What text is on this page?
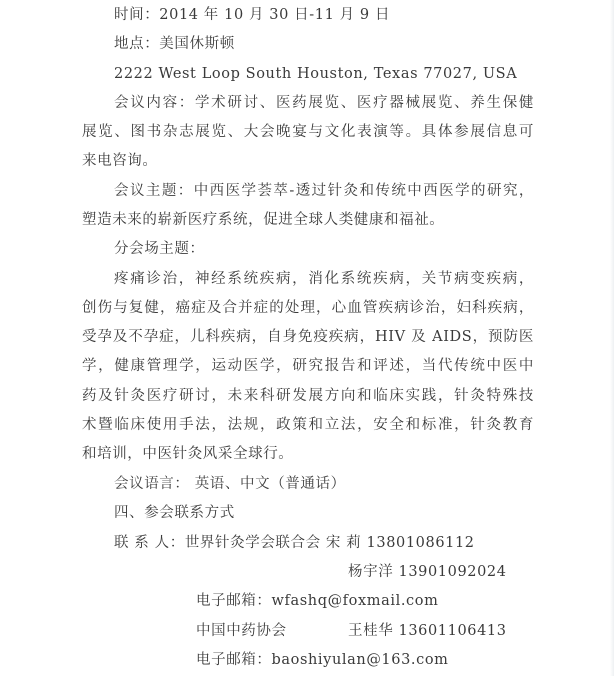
时间：2014 年 10 月 30 日-11 月 9 日
地点：美国休斯顿
2222 West Loop South Houston, Texas 77027, USA
会议内容：学术研讨、医药展览、医疗器械展览、养生保健
展览、图书杂志展览、大会晚宴与文化表演等。具体参展信息可
来电咨询。
会议主题：中西医学荟萃-透过针灸和传统中西医学的研究，
塑造未来的崭新医疗系统，促进全球人类健康和福祉。
分会场主题：
疼痛诊治，神经系统疾病，消化系统疾病，关节病变疾病，
创伤与复健，癌症及合并症的处理，心血管疾病诊治，妇科疾病，
受孕及不孕症，儿科疾病，自身免疫疾病，HIV 及 AIDS，预防医
学，健康管理学，运动医学，研究报告和评述，当代传统中医中
药及针灸医疗研讨，未来科研发展方向和临床实践，针灸特殊技
术暨临床使用手法，法规，政策和立法，安全和标准，针灸教育
和培训，中医针灸风采全球行。
会议语言： 英语、中文（普通话）
四、参会联系方式
联 系 人：世界针灸学会联合会 宋 莉 13801086112
杨宇洋 13901092024
电子邮箱：wfashq@foxmail.com
中国中药协会	王桂华 13601106413
电子邮箱：baoshiyulan@163.com
